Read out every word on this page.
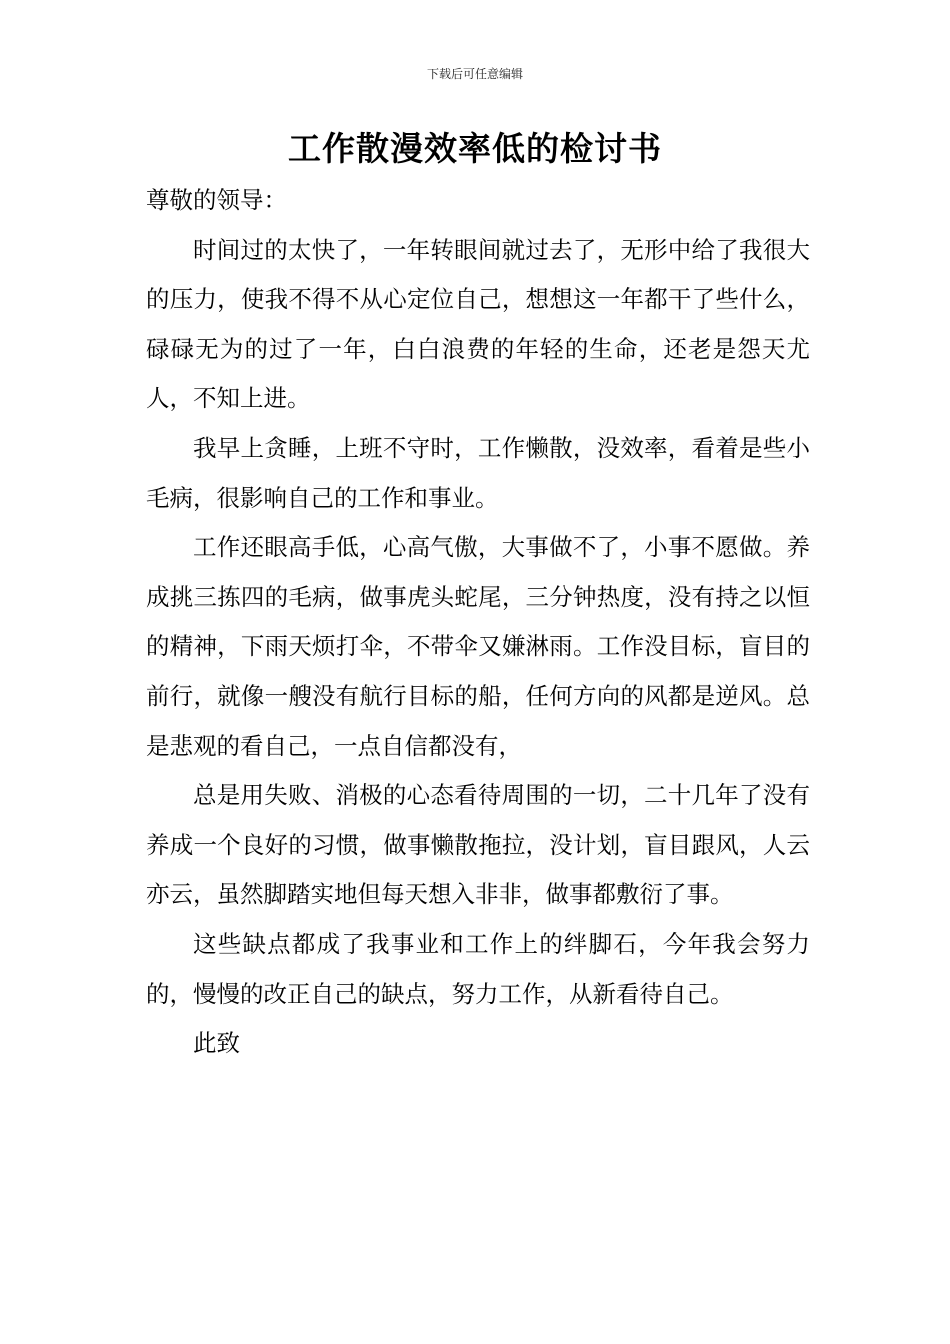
下载后可任意编辑
工作散漫效率低的检讨书

尊敬的领导：

时间过的太快了，一年转眼间就过去了，无形中给了我很大的压力，使我不得不从心定位自己，想想这一年都干了些什么，碌碌无为的过了一年，白白浪费的年轻的生命，还老是怨天尤人，不知上进。

我早上贪睡，上班不守时，工作懒散，没效率，看着是些小毛病，很影响自己的工作和事业。

工作还眼高手低，心高气傲，大事做不了，小事不愿做。养成挑三拣四的毛病，做事虎头蛇尾，三分钟热度，没有持之以恒的精神，下雨天烦打伞，不带伞又嫌淋雨。工作没目标，盲目的前行，就像一艘没有航行目标的船，任何方向的风都是逆风。总是悲观的看自己，一点自信都没有，

总是用失败、消极的心态看待周围的一切，二十几年了没有养成一个良好的习惯，做事懒散拖拉，没计划，盲目跟风，人云亦云，虽然脚踏实地但每天想入非非，做事都敷衍了事。

这些缺点都成了我事业和工作上的绊脚石，今年我会努力的，慢慢的改正自己的缺点，努力工作，从新看待自己。

此致
